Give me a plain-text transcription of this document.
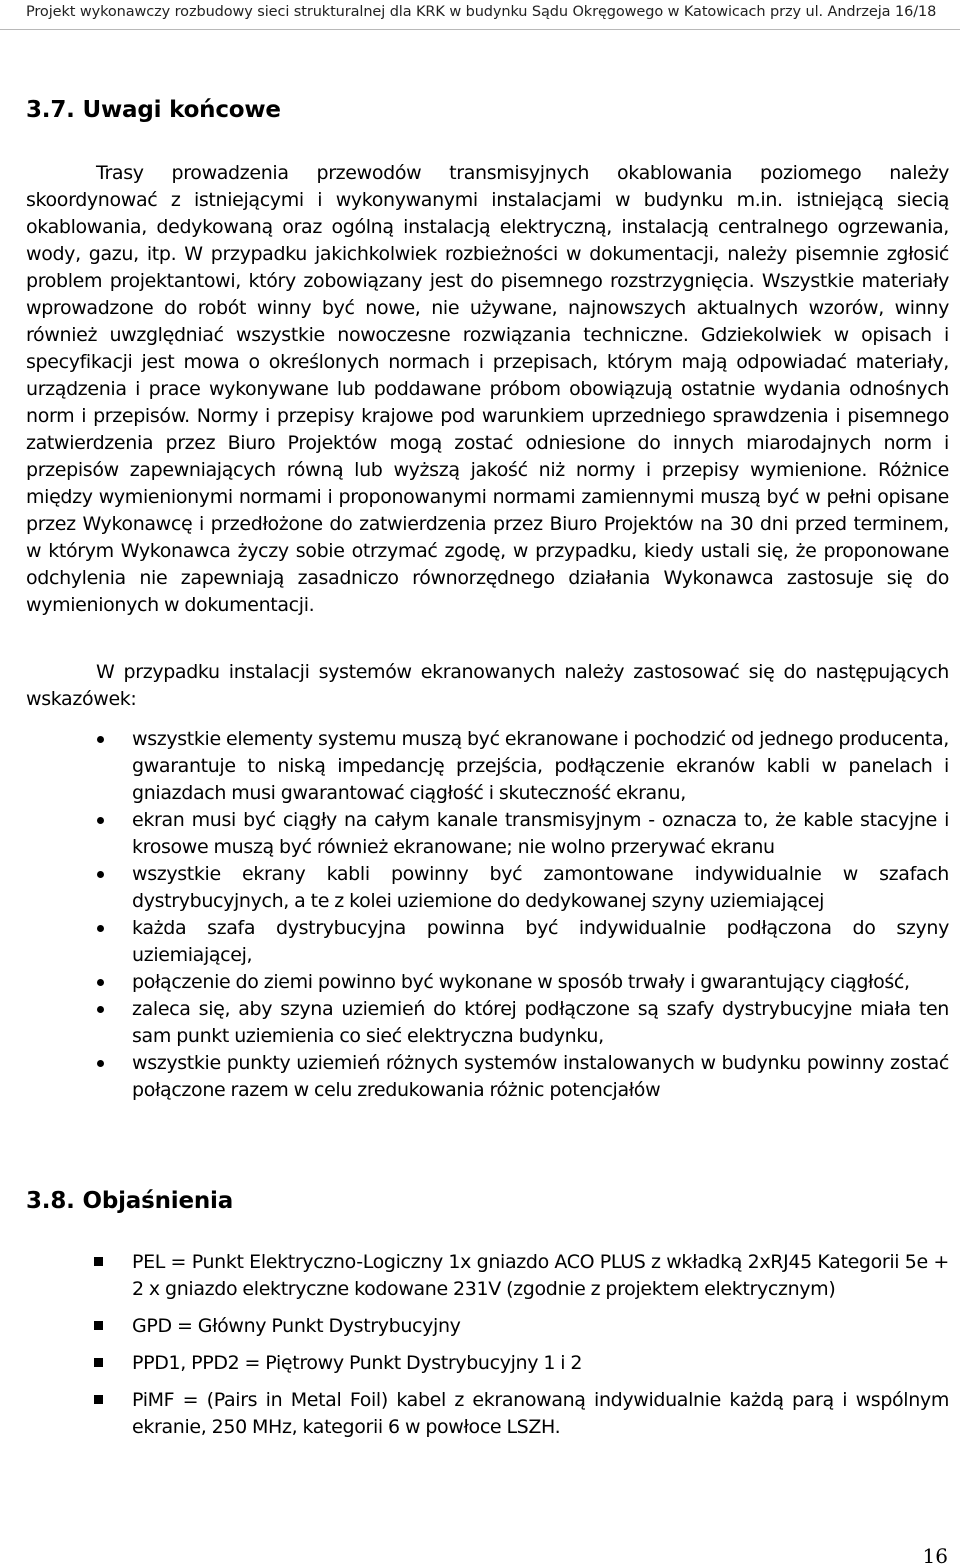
Projekt wykonawczy rozbudowy sieci strukturalnej dla KRK w budynku Sądu Okręgowego w Katowicach przy ul. Andrzeja 16/18
3.7. Uwagi końcowe

Trasy prowadzenia przewodów transmisyjnych okablowania poziomego należy skoordynować z istniejącymi i wykonywanymi instalacjami w budynku m.in. istniejącą siecią okablowania, dedykowaną oraz ogólną instalacją elektryczną, instalacją centralnego ogrzewania, wody, gazu, itp. W przypadku jakichkolwiek rozbieżności w dokumentacji, należy pisemnie zgłosić problem projektantowi, który zobowiązany jest do pisemnego rozstrzygnięcia. Wszystkie materiały wprowadzone do robót winny być nowe, nie używane, najnowszych aktualnych wzorów, winny również uwzględniać wszystkie nowoczesne rozwiązania techniczne. Gdziekolwiek w opisach i specyfikacji jest mowa o określonych normach i przepisach, którym mają odpowiadać materiały, urządzenia i prace wykonywane lub poddawane próbom obowiązują ostatnie wydania odnośnych norm i przepisów. Normy i przepisy krajowe pod warunkiem uprzedniego sprawdzenia i pisemnego zatwierdzenia przez Biuro Projektów mogą zostać odniesione do innych miarodajnych norm i przepisów zapewniających równą lub wyższą jakość niż normy i przepisy wymienione. Różnice między wymienionymi normami i proponowanymi normami zamiennymi muszą być w pełni opisane przez Wykonawcę i przedłożone do zatwierdzenia przez Biuro Projektów na 30 dni przed terminem, w którym Wykonawca życzy sobie otrzymać zgodę, w przypadku, kiedy ustali się, że proponowane odchylenia nie zapewniają zasadniczo równorzędnego działania Wykonawca zastosuje się do wymienionych w dokumentacji.

W przypadku instalacji systemów ekranowanych należy zastosować się do następujących wskazówek:

wszystkie elementy systemu muszą być ekranowane i pochodzić od jednego producenta, gwarantuje to niską impedancję przejścia, podłączenie ekranów kabli w panelach i gniazdach musi gwarantować ciągłość i skuteczność ekranu,
ekran musi być ciągły na całym kanale transmisyjnym - oznacza to, że kable stacyjne i krosowe muszą być również ekranowane; nie wolno przerywać ekranu
wszystkie ekrany kabli powinny być zamontowane indywidualnie w szafach dystrybucyjnych, a te z kolei uziemione do dedykowanej szyny uziemiającej
każda szafa dystrybucyjna powinna być indywidualnie podłączona do szyny uziemiającej,
połączenie do ziemi powinno być wykonane w sposób trwały i gwarantujący ciągłość,
zaleca się, aby szyna uziemień do której podłączone są szafy dystrybucyjne miała ten sam punkt uziemienia co sieć elektryczna budynku,
wszystkie punkty uziemień różnych systemów instalowanych w budynku powinny zostać połączone razem w celu zredukowania różnic potencjałów
3.8. Objaśnienia
PEL = Punkt Elektryczno-Logiczny 1x gniazdo ACO PLUS z wkładką 2xRJ45 Kategorii 5e + 2 x gniazdo elektryczne kodowane 231V (zgodnie z projektem elektrycznym)
GPD = Główny Punkt Dystrybucyjny
PPD1, PPD2 = Piętrowy Punkt Dystrybucyjny 1 i 2
PiMF = (Pairs in Metal Foil) kabel z ekranowaną indywidualnie każdą parą i wspólnym ekranie, 250 MHz, kategorii 6 w powłoce LSZH.
16
